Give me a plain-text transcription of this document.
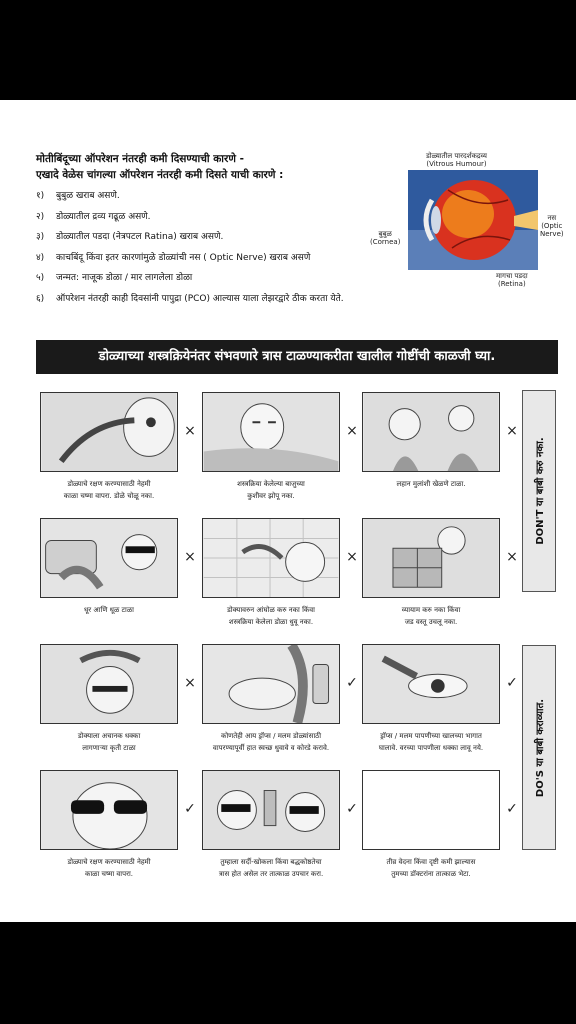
मोतीबिंदूच्या ऑपरेशन नंतरही कमी दिसण्याची कारणे -
एखादे वेळेस चांगल्या ऑपरेशन नंतरही कमी दिसते याची कारणे :
१) बुबुळ खराब असणे.
२) डोळ्यातील द्रव्य गढूळ असणे.
३) डोळ्यातील पडदा (नेत्रपटल Ratina) खराब असणे.
४) काचबिंदू किंवा इतर कारणांमुळे डोळ्यांची नस ( Optic Nerve) खराब असणे
५) जन्मत: नाजूक डोळा / मार लागलेला डोळा
६) ऑपरेशन नंतरही काही दिवसांनी पापुद्रा (PCO) आल्यास याला लेझरद्वारे ठीक करता येते.
डोळ्यातील पारदर्शकद्रव्य
(Vitrous Humour)
बुबुळ
(Cornea)
नस
(Optic
Nerve)
मागचा पडदा
(Retina)
डोळ्याच्या शस्त्रक्रियेनंतर संभवणारे त्रास टाळण्याकरीता खालील गोष्टींची काळजी घ्या.
DON'T या बाबी करु नका.
DO'S या बाबी कराव्यात.
×
डोळ्याचे रक्षण करण्यासाठी नेहमी
काळा चष्मा वापरा. डोळे चोळू नका.
×
शस्त्रक्रिया केलेल्या बाजुच्या
कुशीवर झोपू नका.
×
लहान मुलांशी खेळणे टाळा.
×
धूर आणि धूळ टाळा
×
डोक्यावरुन आंघोळ करु नका किंवा
शस्त्रक्रिया केलेला डोळा धुवू नका.
×
व्यायाम करु नका किंवा
जड वस्तू उचलू नका.
×
डोक्याला अचानक धक्का
लागणाऱ्या कृती टाळा
✓
कोणतेही आय ड्रॉप्स / मलम डोळ्यांसाठी
वापरण्यापूर्वी हात स्वच्छ धुवावे व कोरडे करावे.
✓
ड्रॉप्स / मलम पापणीच्या खालच्या भागात
घालावे. वरच्या पापणीला धक्का लावू नये.
✓
डोळ्याचे रक्षण करण्यासाठी नेहमी
काळा चष्मा वापरा.
✓
तुम्हाला सर्दी-खोकला किंवा बद्धकोष्ठतेचा
त्रास होत असेल तर तात्काळ उपचार करा.
✓
तीव्र वेदना किंवा दृष्टी कमी झाल्यास
तुमच्या डॉक्टरांना तात्काळ भेटा.
